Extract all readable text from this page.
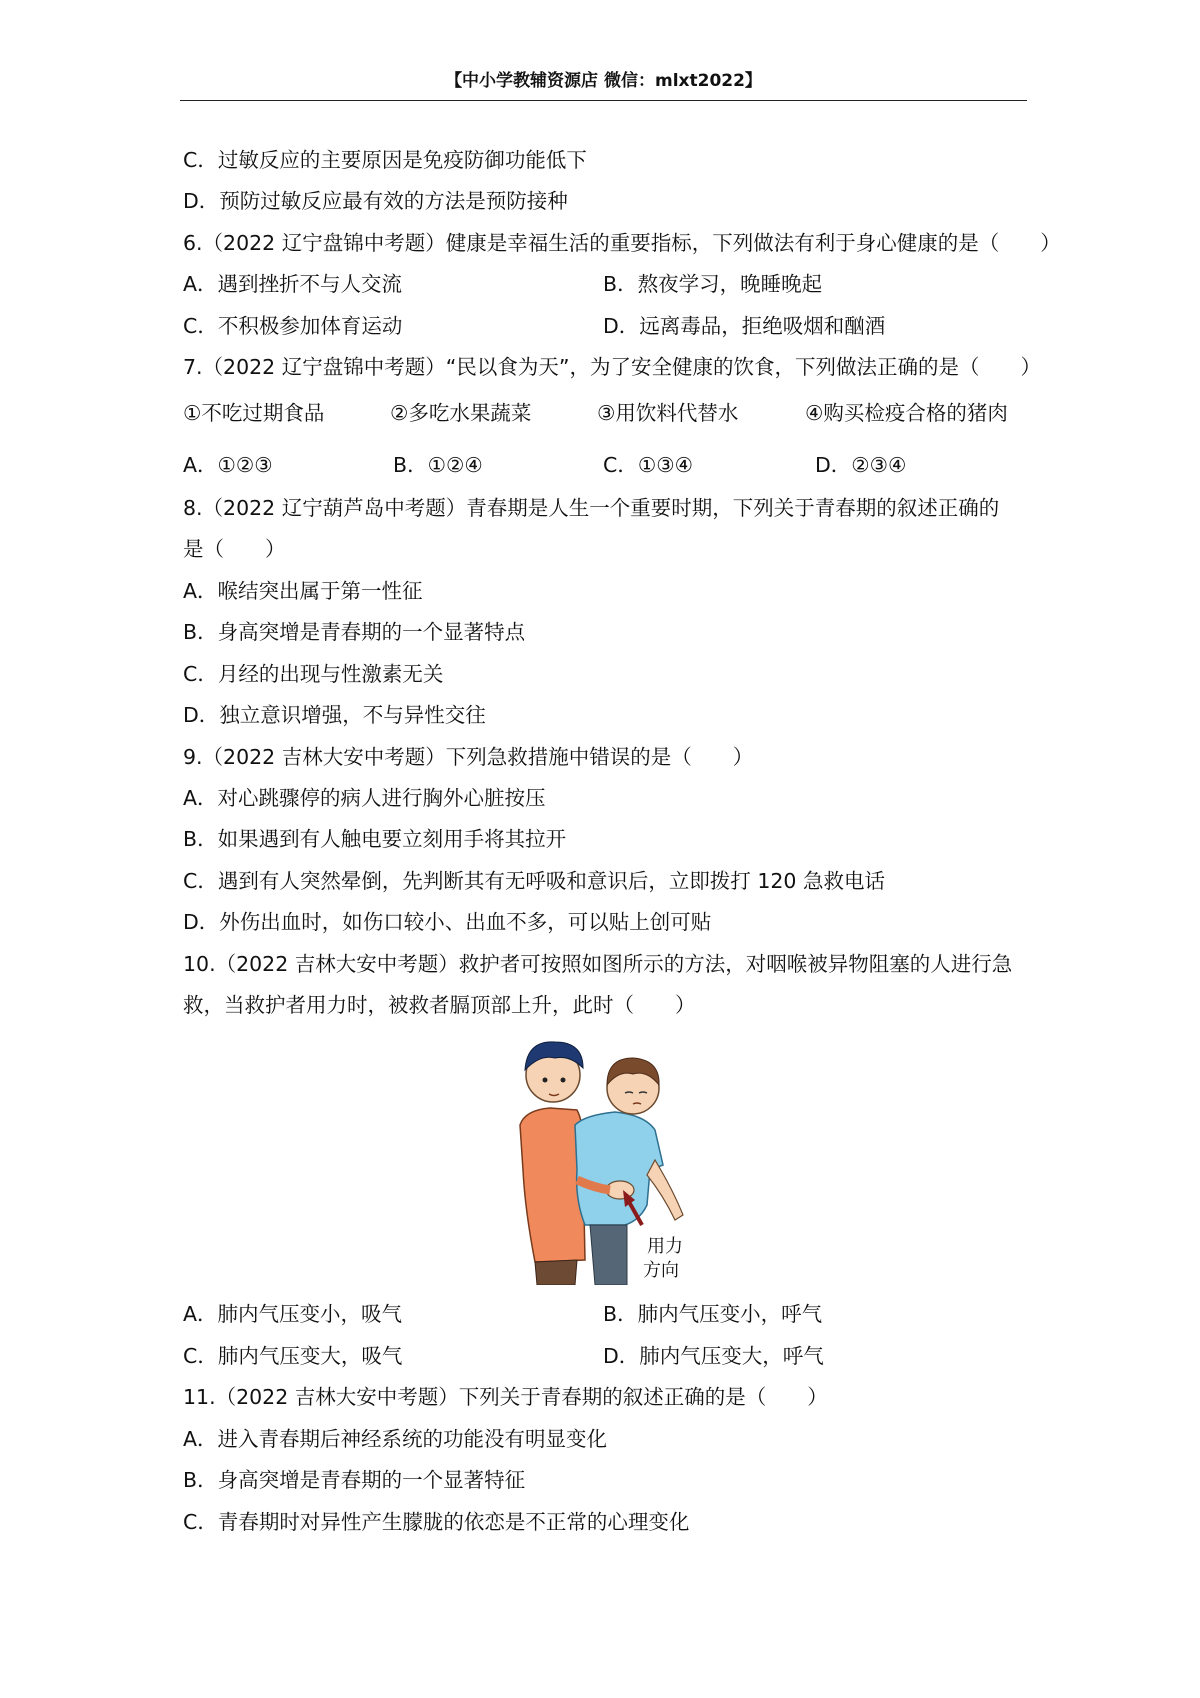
【中小学教辅资源店 微信：mlxt2022】
C．过敏反应的主要原因是免疫防御功能低下
D．预防过敏反应最有效的方法是预防接种
6.（2022 辽宁盘锦中考题）健康是幸福生活的重要指标，下列做法有利于身心健康的是（　　）
A．遇到挫折不与人交流	B．熬夜学习，晚睡晚起
C．不积极参加体育运动	D．远离毒品，拒绝吸烟和酗酒
7.（2022 辽宁盘锦中考题）“民以食为天”，为了安全健康的饮食，下列做法正确的是（　　）
①不吃过期食品	②多吃水果蔬菜	③用饮料代替水	④购买检疫合格的猪肉
A．①②③	B．①②④	C．①③④	D．②③④
8.（2022 辽宁葫芦岛中考题）青春期是人生一个重要时期，下列关于青春期的叙述正确的
是（　　）
A．喉结突出属于第一性征
B．身高突增是青春期的一个显著特点
C．月经的出现与性激素无关
D．独立意识增强，不与异性交往
9.（2022 吉林大安中考题）下列急救措施中错误的是（　　）
A．对心跳骤停的病人进行胸外心脏按压
B．如果遇到有人触电要立刻用手将其拉开
C．遇到有人突然晕倒，先判断其有无呼吸和意识后，立即拨打 120 急救电话
D．外伤出血时，如伤口较小、出血不多，可以贴上创可贴
10.（2022 吉林大安中考题）救护者可按照如图所示的方法，对咽喉被异物阻塞的人进行急
救，当救护者用力时，被救者膈顶部上升，此时（　　）
用力
方向
A．肺内气压变小，吸气	B．肺内气压变小，呼气
C．肺内气压变大，吸气	D．肺内气压变大，呼气
11.（2022 吉林大安中考题）下列关于青春期的叙述正确的是（　　）
A．进入青春期后神经系统的功能没有明显变化
B．身高突增是青春期的一个显著特征
C．青春期时对异性产生朦胧的依恋是不正常的心理变化
